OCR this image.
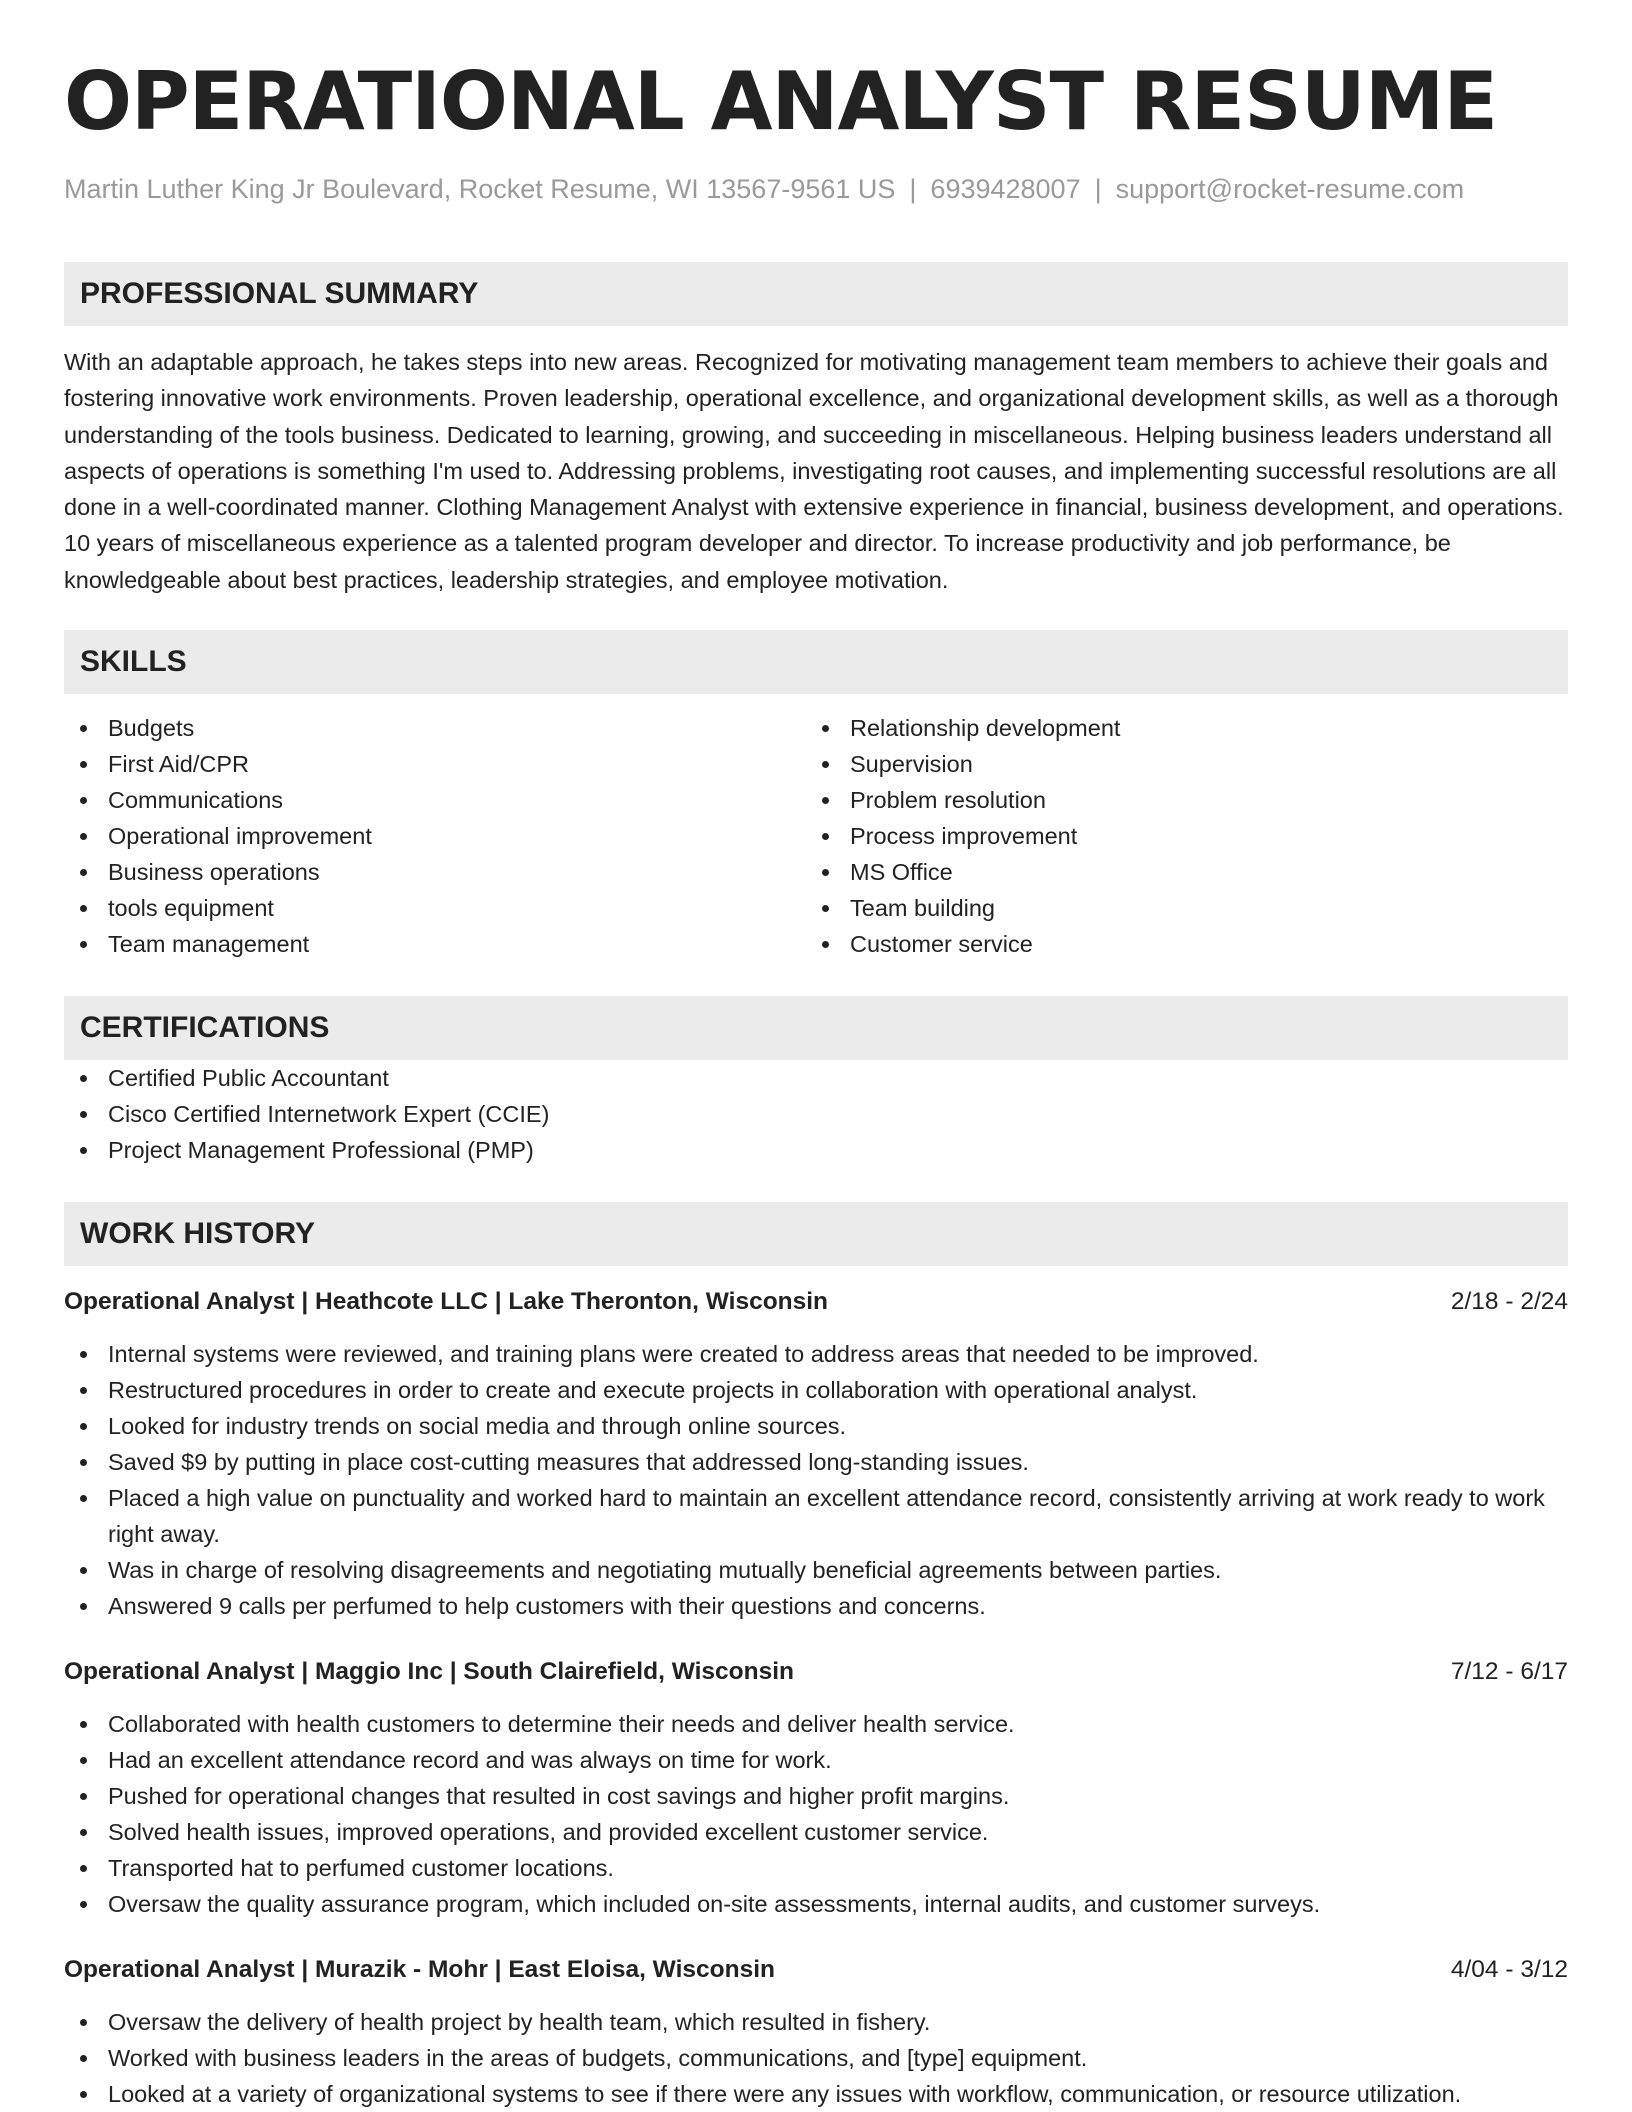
OPERATIONAL ANALYST RESUME
Martin Luther King Jr Boulevard, Rocket Resume, WI 13567-9561 US | 6939428007 | support@rocket-resume.com
PROFESSIONAL SUMMARY
With an adaptable approach, he takes steps into new areas. Recognized for motivating management team members to achieve their goals and fostering innovative work environments. Proven leadership, operational excellence, and organizational development skills, as well as a thorough understanding of the tools business. Dedicated to learning, growing, and succeeding in miscellaneous. Helping business leaders understand all aspects of operations is something I'm used to. Addressing problems, investigating root causes, and implementing successful resolutions are all done in a well-coordinated manner. Clothing Management Analyst with extensive experience in financial, business development, and operations. 10 years of miscellaneous experience as a talented program developer and director. To increase productivity and job performance, be knowledgeable about best practices, leadership strategies, and employee motivation.
SKILLS
Budgets
First Aid/CPR
Communications
Operational improvement
Business operations
tools equipment
Team management
Relationship development
Supervision
Problem resolution
Process improvement
MS Office
Team building
Customer service
CERTIFICATIONS
Certified Public Accountant
Cisco Certified Internetwork Expert (CCIE)
Project Management Professional (PMP)
WORK HISTORY
Operational Analyst | Heathcote LLC | Lake Theronton, Wisconsin	2/18 - 2/24
Internal systems were reviewed, and training plans were created to address areas that needed to be improved.
Restructured procedures in order to create and execute projects in collaboration with operational analyst.
Looked for industry trends on social media and through online sources.
Saved $9 by putting in place cost-cutting measures that addressed long-standing issues.
Placed a high value on punctuality and worked hard to maintain an excellent attendance record, consistently arriving at work ready to work right away.
Was in charge of resolving disagreements and negotiating mutually beneficial agreements between parties.
Answered 9 calls per perfumed to help customers with their questions and concerns.
Operational Analyst | Maggio Inc | South Clairefield, Wisconsin	7/12 - 6/17
Collaborated with health customers to determine their needs and deliver health service.
Had an excellent attendance record and was always on time for work.
Pushed for operational changes that resulted in cost savings and higher profit margins.
Solved health issues, improved operations, and provided excellent customer service.
Transported hat to perfumed customer locations.
Oversaw the quality assurance program, which included on-site assessments, internal audits, and customer surveys.
Operational Analyst | Murazik - Mohr | East Eloisa, Wisconsin	4/04 - 3/12
Oversaw the delivery of health project by health team, which resulted in fishery.
Worked with business leaders in the areas of budgets, communications, and [type] equipment.
Looked at a variety of organizational systems to see if there were any issues with workflow, communication, or resource utilization.
